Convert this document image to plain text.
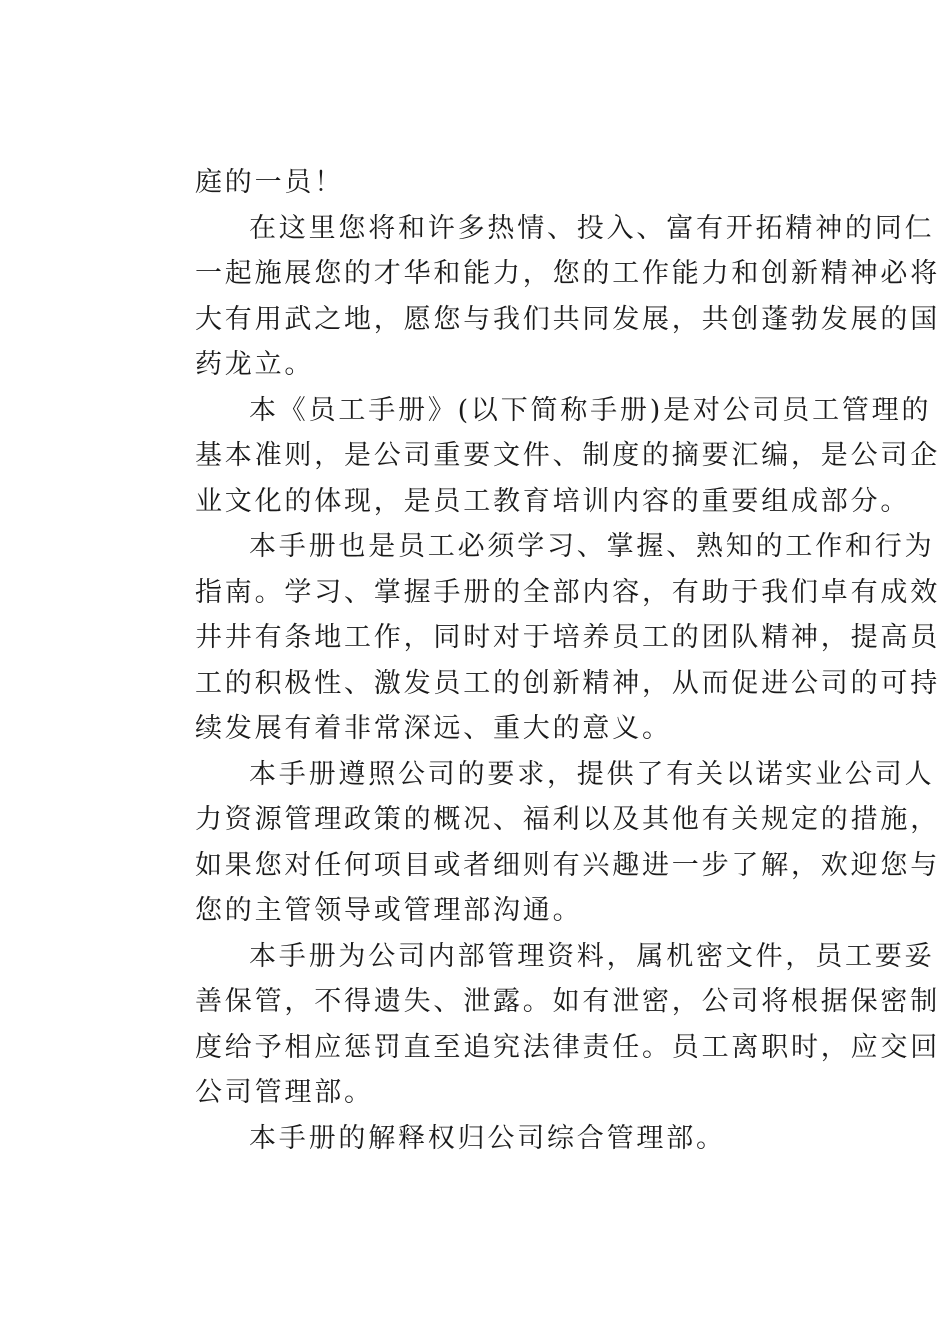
庭的一员！
在这里您将和许多热情、投入、富有开拓精神的同仁
一起施展您的才华和能力，您的工作能力和创新精神必将
大有用武之地，愿您与我们共同发展，共创蓬勃发展的国
药龙立。
本《员工手册》(以下简称手册)是对公司员工管理的
基本准则，是公司重要文件、制度的摘要汇编，是公司企
业文化的体现，是员工教育培训内容的重要组成部分。
本手册也是员工必须学习、掌握、熟知的工作和行为
指南。学习、掌握手册的全部内容，有助于我们卓有成效
井井有条地工作，同时对于培养员工的团队精神，提高员
工的积极性、激发员工的创新精神，从而促进公司的可持
续发展有着非常深远、重大的意义。
本手册遵照公司的要求，提供了有关以诺实业公司人
力资源管理政策的概况、福利以及其他有关规定的措施，
如果您对任何项目或者细则有兴趣进一步了解，欢迎您与
您的主管领导或管理部沟通。
本手册为公司内部管理资料，属机密文件，员工要妥
善保管，不得遗失、泄露。如有泄密，公司将根据保密制
度给予相应惩罚直至追究法律责任。员工离职时，应交回
公司管理部。
本手册的解释权归公司综合管理部。
